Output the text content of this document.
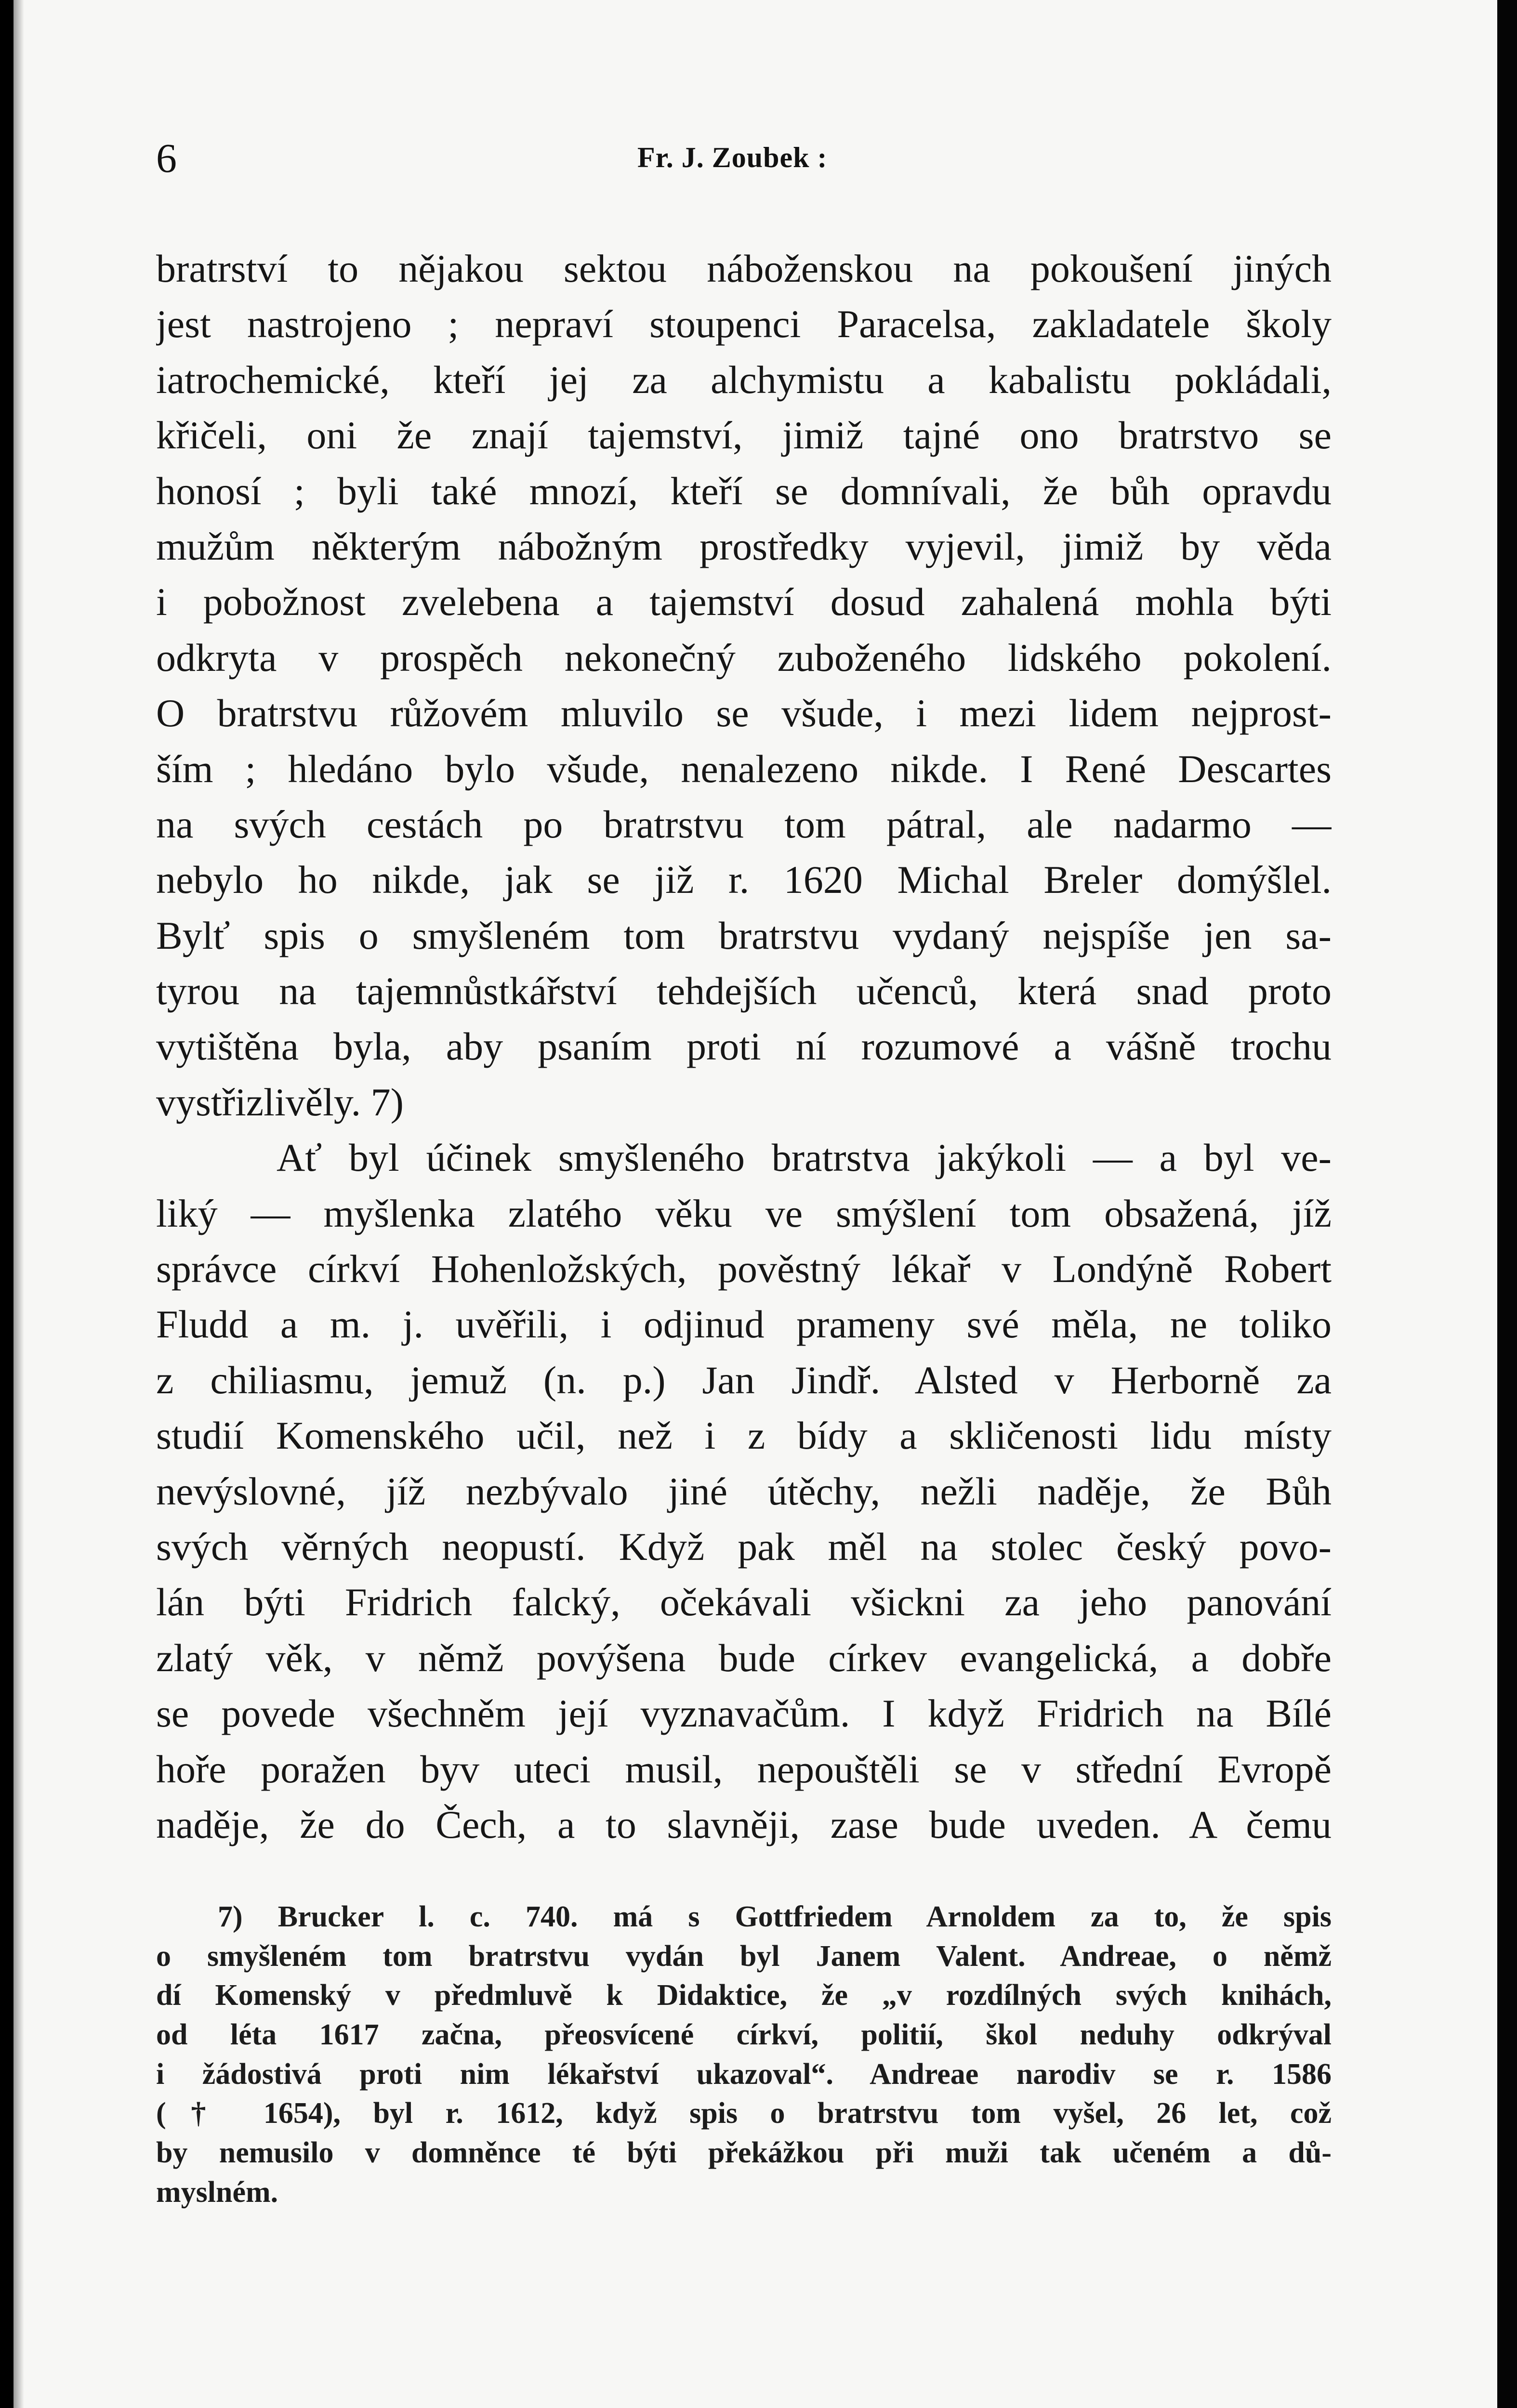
6	Fr. J. Zoubek :
bratrství to nějakou sektou náboženskou na pokoušení jiných
jest nastrojeno ; nepraví stoupenci Paracelsa, zakladatele školy
iatrochemické, kteří jej za alchymistu a kabalistu pokládali,
křičeli, oni že znají tajemství, jimiž tajné ono bratrstvo se
honosí ; byli také mnozí, kteří se domnívali, že bůh opravdu
mužům některým nábožným prostředky vyjevil, jimiž by věda
i pobožnost zvelebena a tajemství dosud zahalená mohla býti
odkryta v prospěch nekonečný zuboženého lidského pokolení.
O bratrstvu růžovém mluvilo se všude, i mezi lidem nejprost-
ším ; hledáno bylo všude, nenalezeno nikde. I René Descartes
na svých cestách po bratrstvu tom pátral, ale nadarmo —
nebylo ho nikde, jak se již r. 1620 Michal Breler domýšlel.
Bylť spis o smyšleném tom bratrstvu vydaný nejspíše jen sa-
tyrou na tajemnůstkářství tehdejších učenců, která snad proto
vytištěna byla, aby psaním proti ní rozumové a vášně trochu
vystřizlivěly. 7)
Ať byl účinek smyšleného bratrstva jakýkoli — a byl ve-
liký — myšlenka zlatého věku ve smýšlení tom obsažená, jíž
správce církví Hohenložských, pověstný lékař v Londýně Robert
Fludd a m. j. uvěřili, i odjinud prameny své měla, ne toliko
z chiliasmu, jemuž (n. p.) Jan Jindř. Alsted v Herborně za
studií Komenského učil, než i z bídy a skličenosti lidu místy
nevýslovné, jíž nezbývalo jiné útěchy, nežli naděje, že Bůh
svých věrných neopustí. Když pak měl na stolec český povo-
lán býti Fridrich falcký, očekávali všickni za jeho panování
zlatý věk, v němž povýšena bude církev evangelická, a dobře
se povede všechněm její vyznavačům. I když Fridrich na Bílé
hoře poražen byv uteci musil, nepouštěli se v střední Evropě
naděje, že do Čech, a to slavněji, zase bude uveden. A čemu
7) Brucker l. c. 740. má s Gottfriedem Arnoldem za to, že spis
o smyšleném tom bratrstvu vydán byl Janem Valent. Andreae, o němž
dí Komenský v předmluvě k Didaktice, že „v rozdílných svých knihách,
od léta 1617 začna, přeosvícené církví, politií, škol neduhy odkrýval
i žádostivá proti nim lékařství ukazoval“. Andreae narodiv se r. 1586
(† 1654), byl r. 1612, když spis o bratrstvu tom vyšel, 26 let, což
by nemusilo v domněnce té býti překážkou při muži tak učeném a dů-
myslném.
